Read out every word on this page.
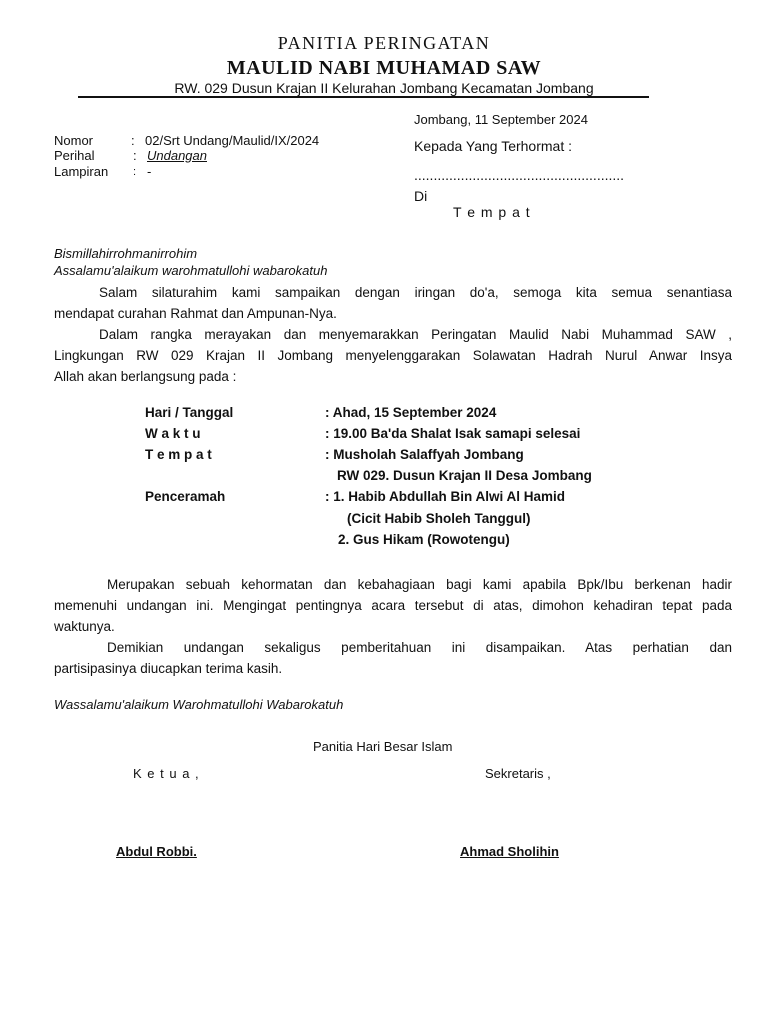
PANITIA PERINGATAN
MAULID NABI MUHAMAD SAW
RW. 029 Dusun Krajan II Kelurahan Jombang Kecamatan Jombang
Jombang, 11 September 2024
Nomor	: 02/Srt Undang/Maulid/IX/2024
Perihal	: Undangan
Lampiran : -
Kepada Yang Terhormat :
......................................................
Di
T e m p a t
Bismillahirrohmanirrohim
Assalamu'alaikum warohmatullohi wabarokatuh
Salam silaturahim kami sampaikan dengan iringan do'a, semoga kita semua senantiasa
mendapat curahan Rahmat dan Ampunan-Nya.
Dalam rangka merayakan dan menyemarakkan Peringatan Maulid Nabi Muhammad SAW ,
Lingkungan RW 029 Krajan II Jombang menyelenggarakan Solawatan Hadrah Nurul Anwar Insya
Allah akan berlangsung pada :
Hari / Tanggal	: Ahad, 15 September 2024
W a k t u	: 19.00 Ba'da Shalat Isak samapi selesai
T e m p a t	: Musholah Salaffyah Jombang
RW 029. Dusun Krajan II Desa Jombang
Penceramah	: 1. Habib Abdullah Bin Alwi Al Hamid
(Cicit Habib Sholeh Tanggul)
2. Gus Hikam (Rowotengu)
Merupakan sebuah kehormatan dan kebahagiaan bagi kami apabila Bpk/Ibu berkenan hadir
memenuhi undangan ini. Mengingat pentingnya acara tersebut di atas, dimohon kehadiran tepat pada
waktunya.
Demikian undangan sekaligus pemberitahuan ini disampaikan. Atas perhatian dan
partisipasinya diucapkan terima kasih.
Wassalamu'alaikum Warohmatullohi Wabarokatuh
Panitia Hari Besar Islam
K e t u a ,	Sekretaris ,
Abdul Robbi.	Ahmad Sholihin
